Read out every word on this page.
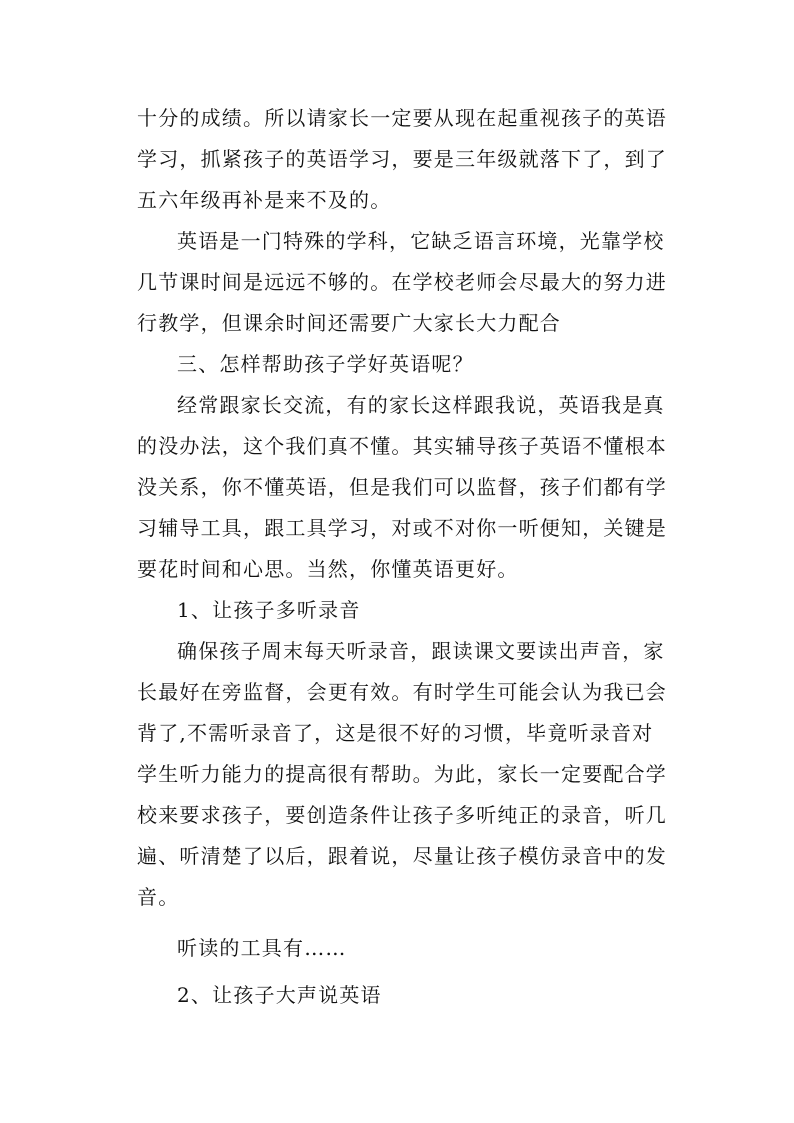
十分的成绩。所以请家长一定要从现在起重视孩子的英语
学习，抓紧孩子的英语学习，要是三年级就落下了，到了
五六年级再补是来不及的。
英语是一门特殊的学科，它缺乏语言环境，光靠学校
几节课时间是远远不够的。在学校老师会尽最大的努力进
行教学，但课余时间还需要广大家长大力配合
三、怎样帮助孩子学好英语呢？
经常跟家长交流，有的家长这样跟我说，英语我是真
的没办法，这个我们真不懂。其实辅导孩子英语不懂根本
没关系，你不懂英语，但是我们可以监督，孩子们都有学
习辅导工具，跟工具学习，对或不对你一听便知，关键是
要花时间和心思。当然，你懂英语更好。
1、让孩子多听录音
确保孩子周末每天听录音，跟读课文要读出声音，家
长最好在旁监督，会更有效。有时学生可能会认为我已会
背了,不需听录音了，这是很不好的习惯，毕竟听录音对
学生听力能力的提高很有帮助。为此，家长一定要配合学
校来要求孩子，要创造条件让孩子多听纯正的录音，听几
遍、听清楚了以后，跟着说，尽量让孩子模仿录音中的发
音。
听读的工具有……
2、让孩子大声说英语
